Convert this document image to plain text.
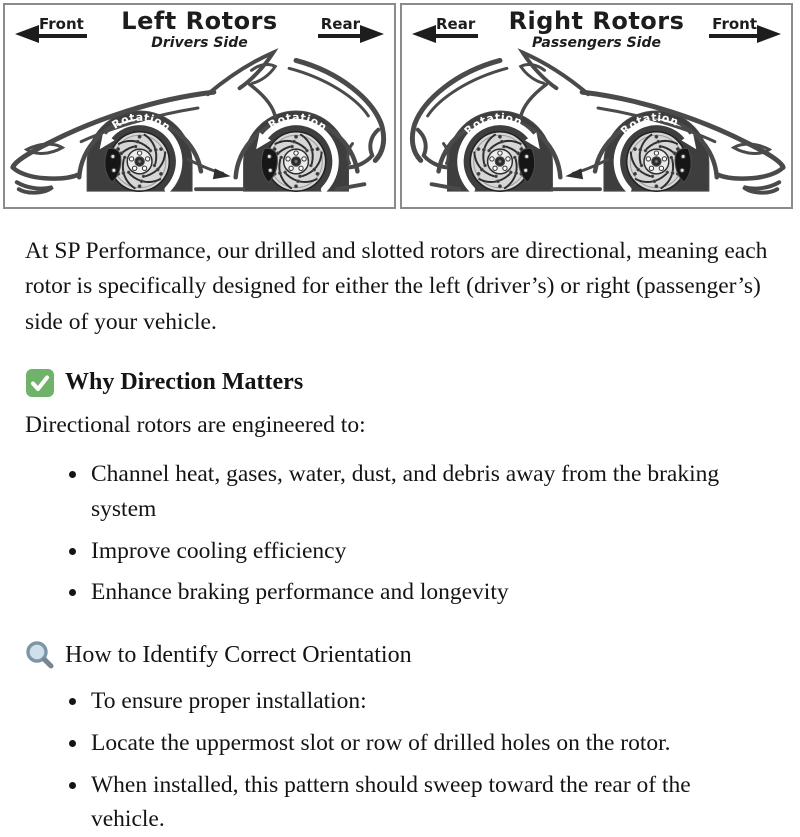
Rotation	Rotation
Front	Left Rotors
Drivers Side
Rear
Rotation
Rotation
Rear	Right Rotors
Passengers Side
Front

At SP Performance, our drilled and slotted rotors are directional, meaning each rotor is specifically designed for either the left (driver’s) or right (passenger’s) side of your vehicle.

Why Direction Matters

Directional rotors are engineered to:

• Channel heat, gases, water, dust, and debris away from the braking system
• Improve cooling efficiency
• Enhance braking performance and longevity
How to Identify Correct Orientation
• To ensure proper installation:
• Locate the uppermost slot or row of drilled holes on the rotor.
• When installed, this pattern should sweep toward the rear of the vehicle.
